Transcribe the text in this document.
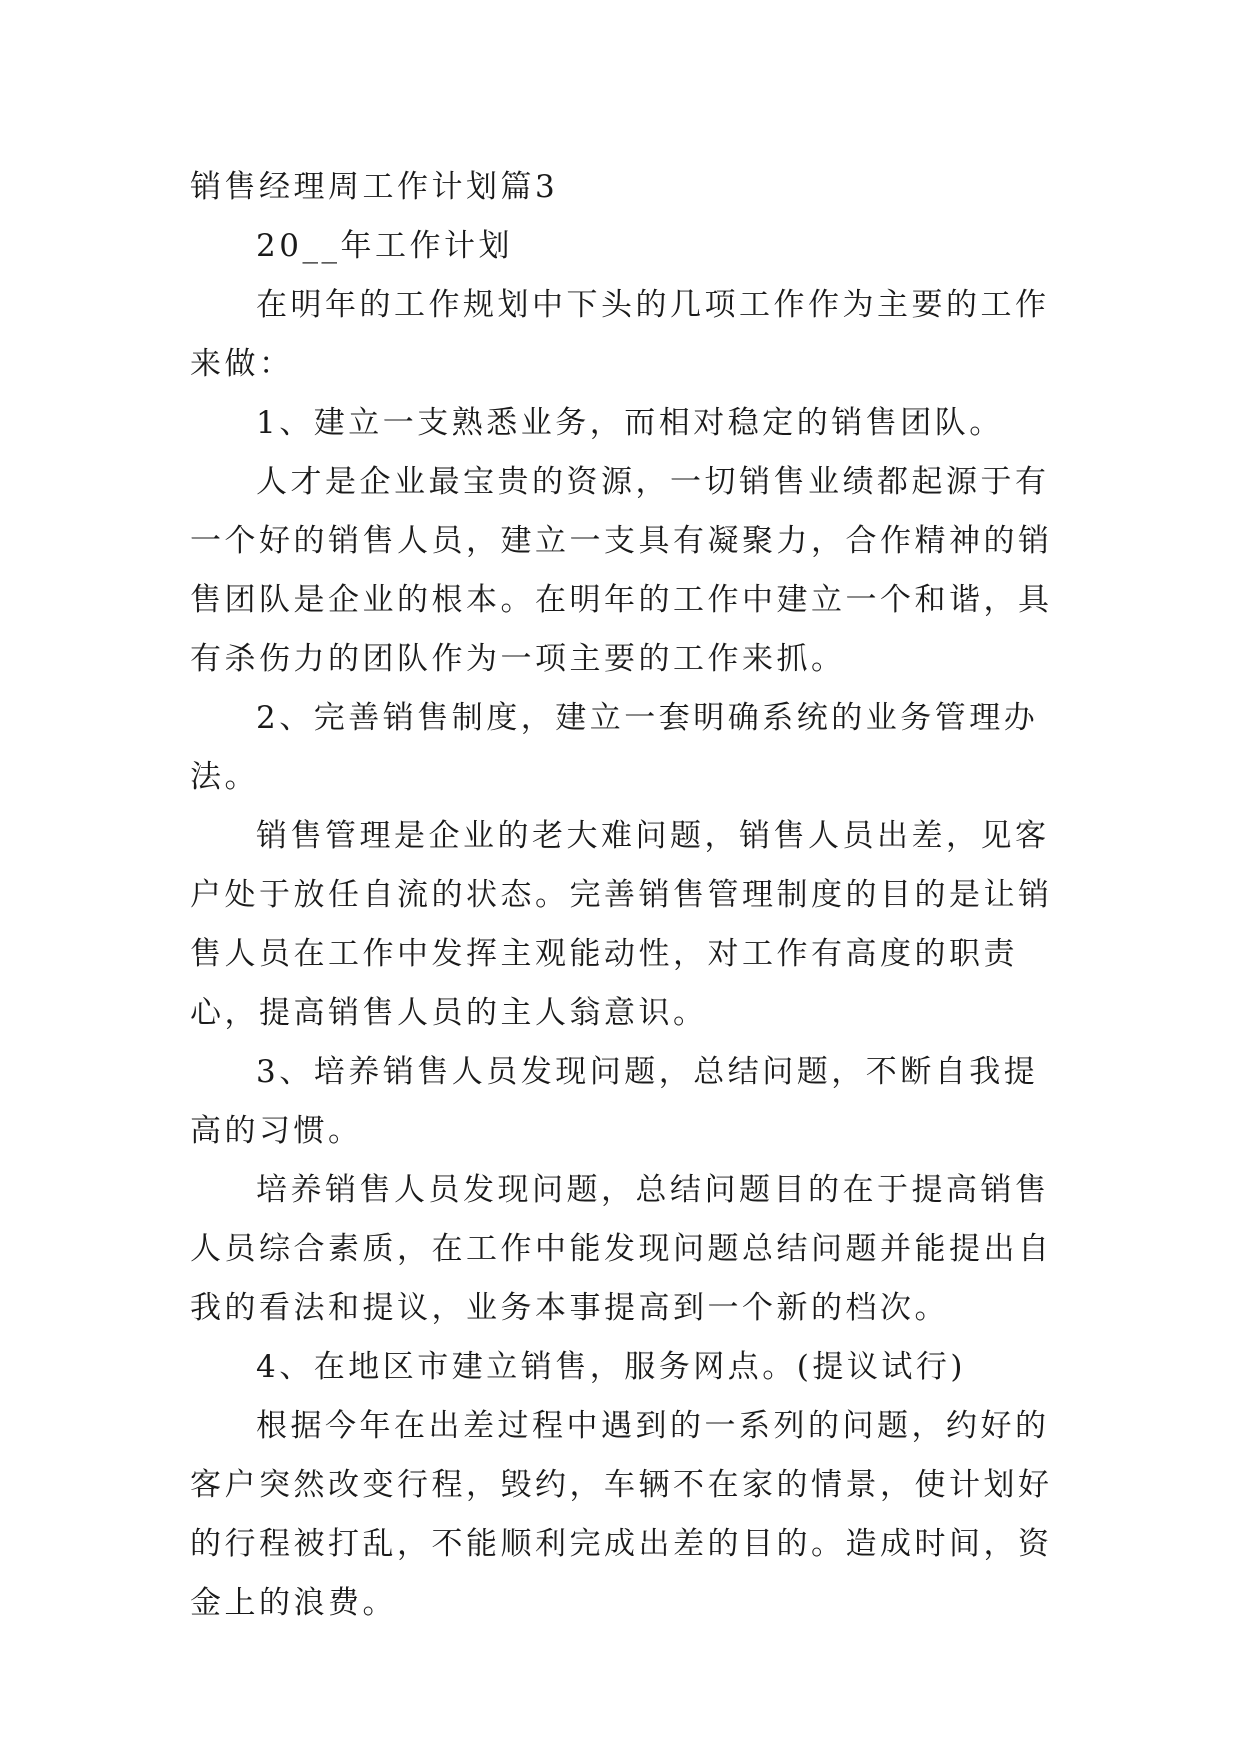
销售经理周工作计划篇3

20__年工作计划

在明年的工作规划中下头的几项工作作为主要的工作来做：

1、建立一支熟悉业务，而相对稳定的销售团队。

人才是企业最宝贵的资源，一切销售业绩都起源于有一个好的销售人员，建立一支具有凝聚力，合作精神的销售团队是企业的根本。在明年的工作中建立一个和谐，具有杀伤力的团队作为一项主要的工作来抓。

2、完善销售制度，建立一套明确系统的业务管理办法。

销售管理是企业的老大难问题，销售人员出差，见客户处于放任自流的状态。完善销售管理制度的目的是让销售人员在工作中发挥主观能动性，对工作有高度的职责心，提高销售人员的主人翁意识。

3、培养销售人员发现问题，总结问题，不断自我提高的习惯。

培养销售人员发现问题，总结问题目的在于提高销售人员综合素质，在工作中能发现问题总结问题并能提出自我的看法和提议，业务本事提高到一个新的档次。

4、在地区市建立销售，服务网点。(提议试行)

根据今年在出差过程中遇到的一系列的问题，约好的客户突然改变行程，毁约，车辆不在家的情景，使计划好的行程被打乱，不能顺利完成出差的目的。造成时间，资金上的浪费。
